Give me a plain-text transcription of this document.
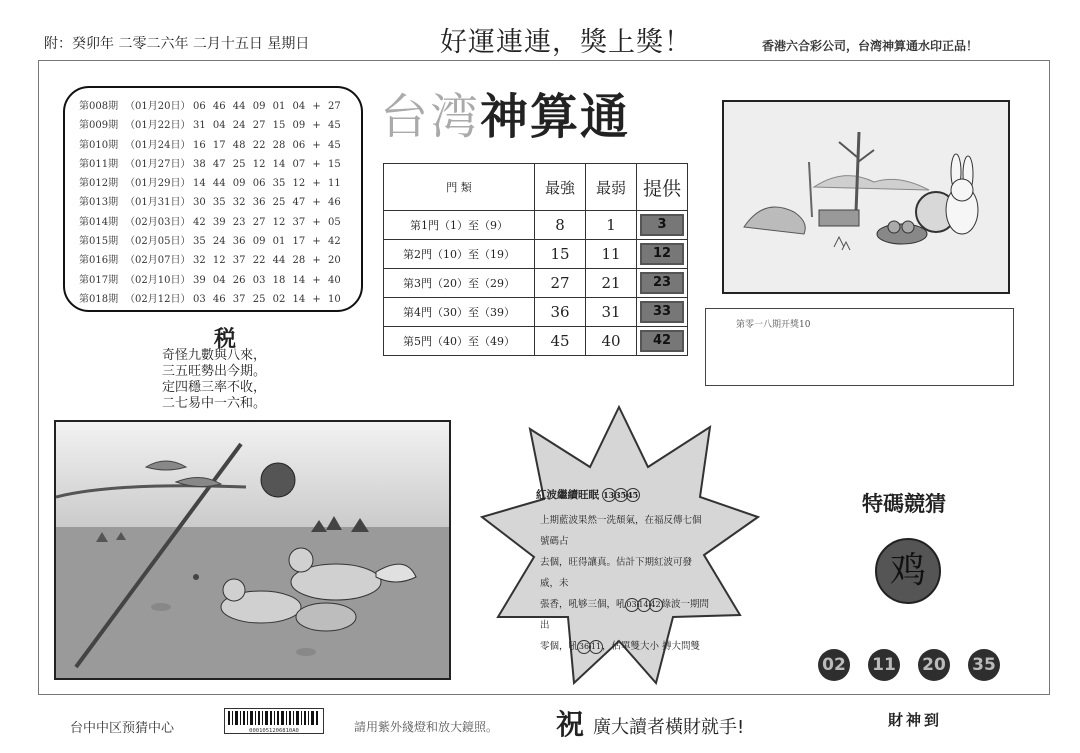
附：癸卯年 二零二六年 二月十五日 星期日	好運連連，獎上獎！	香港六合彩公司，台湾神算通水印正品！
第008期 （01月20日） 06 46 44 09 01 04 + 27
第009期 （01月22日） 31 04 24 27 15 09 + 45
第010期 （01月24日） 16 17 48 22 28 06 + 45
第011期 （01月27日） 38 47 25 12 14 07 + 15
第012期 （01月29日） 14 44 09 06 35 12 + 11
第013期 （01月31日） 30 35 32 36 25 47 + 46
第014期 （02月03日） 42 39 23 27 12 37 + 05
第015期 （02月05日） 35 24 36 09 01 17 + 42
第016期 （02月07日） 32 12 37 22 44 28 + 20
第017期 （02月10日） 39 04 26 03 18 14 + 40
第018期 （02月12日） 03 46 37 25 02 14 + 10
台湾神算通
門 類	最強	最弱	提供
第1門（1）至（9）	8	1	3
第2門（10）至（19）	15	11	12
第3門（20）至（29）	27	21	23
第4門（30）至（39）	36	31	33
第5門（40）至（49）	45	40	42
第零一八期开獎10
税
奇怪九數與八來，
三五旺勢出今期。
定四穩三率不收，
二七易中一六和。
紅波繼續旺眠 133545
上期藍波果然一洗頹氣，在福反傳七個號碼占
去個，旺得讓真。估計下期紅波可發威，未
張香，吼够三個，吼03 14 42綠波一期問出
零個，吼36 11，估單雙大小 搏大問雙
特碼競猜
鸡
02 11 20 35
台中中区预猜中心	0001051206810A0	請用紫外綫燈和放大鏡照。 祝 廣大讀者橫財就手!	財神到
